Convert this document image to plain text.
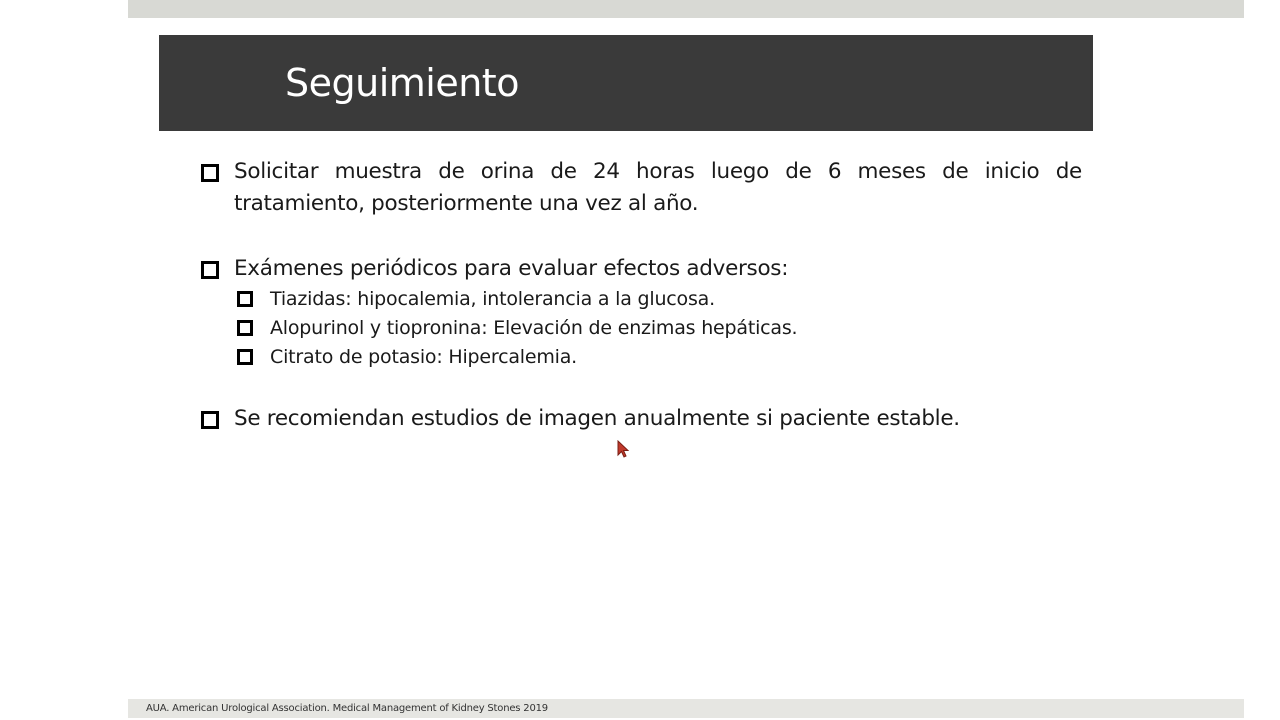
Seguimiento
Solicitar muestra de orina de 24 horas luego de 6 meses de inicio de tratamiento, posteriormente una vez al año.
Exámenes periódicos para evaluar efectos adversos:
Tiazidas: hipocalemia, intolerancia a la glucosa.
Alopurinol y tiopronina: Elevación de enzimas hepáticas.
Citrato de potasio: Hipercalemia.
Se recomiendan estudios de imagen anualmente si paciente estable.
AUA. American Urological Association. Medical Management of Kidney Stones 2019
